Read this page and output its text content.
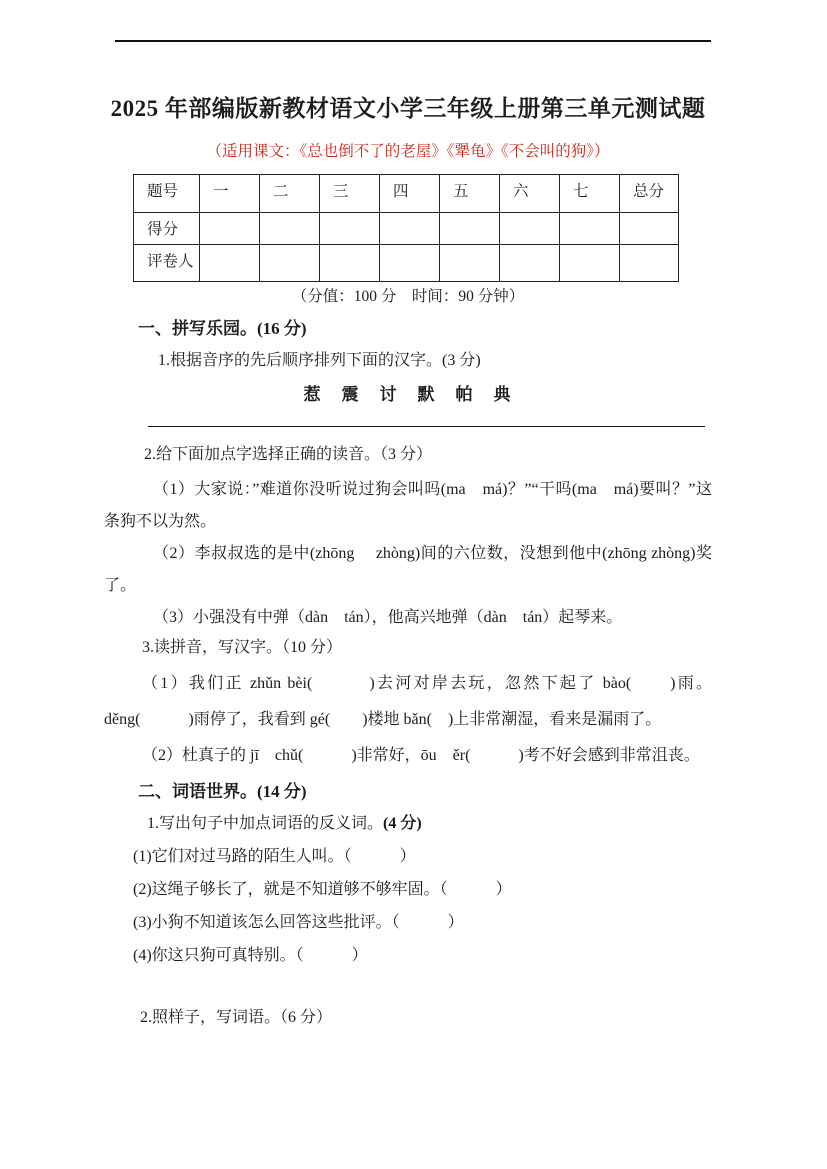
2025 年部编版新教材语文小学三年级上册第三单元测试题
（适用课文：《总也倒不了的老屋》《犟龟》《不会叫的狗》）
题号	一	二	三	四	五	六	七	总分
得分								
评卷人								
（分值：100 分　时间：90 分钟）
一、拼写乐园。(16 分)
1.根据音序的先后顺序排列下面的汉字。(3 分)
惹　震　讨　默　帕　典
2.给下面加点字选择正确的读音。（3 分）
（1）大家说：”难道你没听说过狗会叫吗(ma　má)？”“干吗(ma　má)要叫？”这条狗不以为然。
（2）李叔叔选的是中(zhōng　 zhòng)间的六位数，没想到他中(zhōng zhòng)奖了。
（3）小强没有中弹（dàn　tán），他高兴地弹（dàn　tán）起琴来。
3.读拼音，写汉字。（10 分）
（1）我们正 zhǔn bèi(　　　)去河对岸去玩，忽然下起了 bào(　　)雨。děng(　　　)雨停了，我看到 gé(　　)楼地 bǎn(　)上非常潮湿，看来是漏雨了。
（2）杜真子的 jī　chǔ(　　　)非常好，ōu　ěr(　　　)考不好会感到非常沮丧。
二、词语世界。(14 分)
1.写出句子中加点词语的反义词。(4 分)
(1)它们对过马路的陌生人叫。（　　　）
(2)这绳子够长了，就是不知道够不够牢固。（　　　）
(3)小狗不知道该怎么回答这些批评。（　　　）
(4)你这只狗可真特别。（　　　）
2.照样子，写词语。（6 分）
